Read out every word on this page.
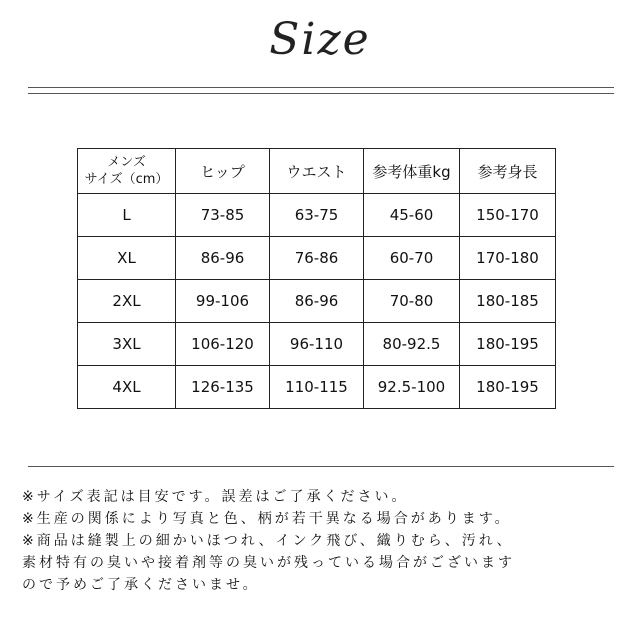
Size
メンズ
サイズ（cm）	ヒップ	ウエスト	参考体重kg	参考身長
L	73-85	63-75	45-60	150-170
XL	86-96	76-86	60-70	170-180
2XL	99-106	86-96	70-80	180-185
3XL	106-120	96-110	80-92.5	180-195
4XL	126-135	110-115	92.5-100	180-195
※サイズ表記は目安です。誤差はご了承ください。
※生産の関係により写真と色、柄が若干異なる場合があります。
※商品は縫製上の細かいほつれ、インク飛び、織りむら、汚れ、
素材特有の臭いや接着剤等の臭いが残っている場合がございます
ので予めご了承くださいませ。
